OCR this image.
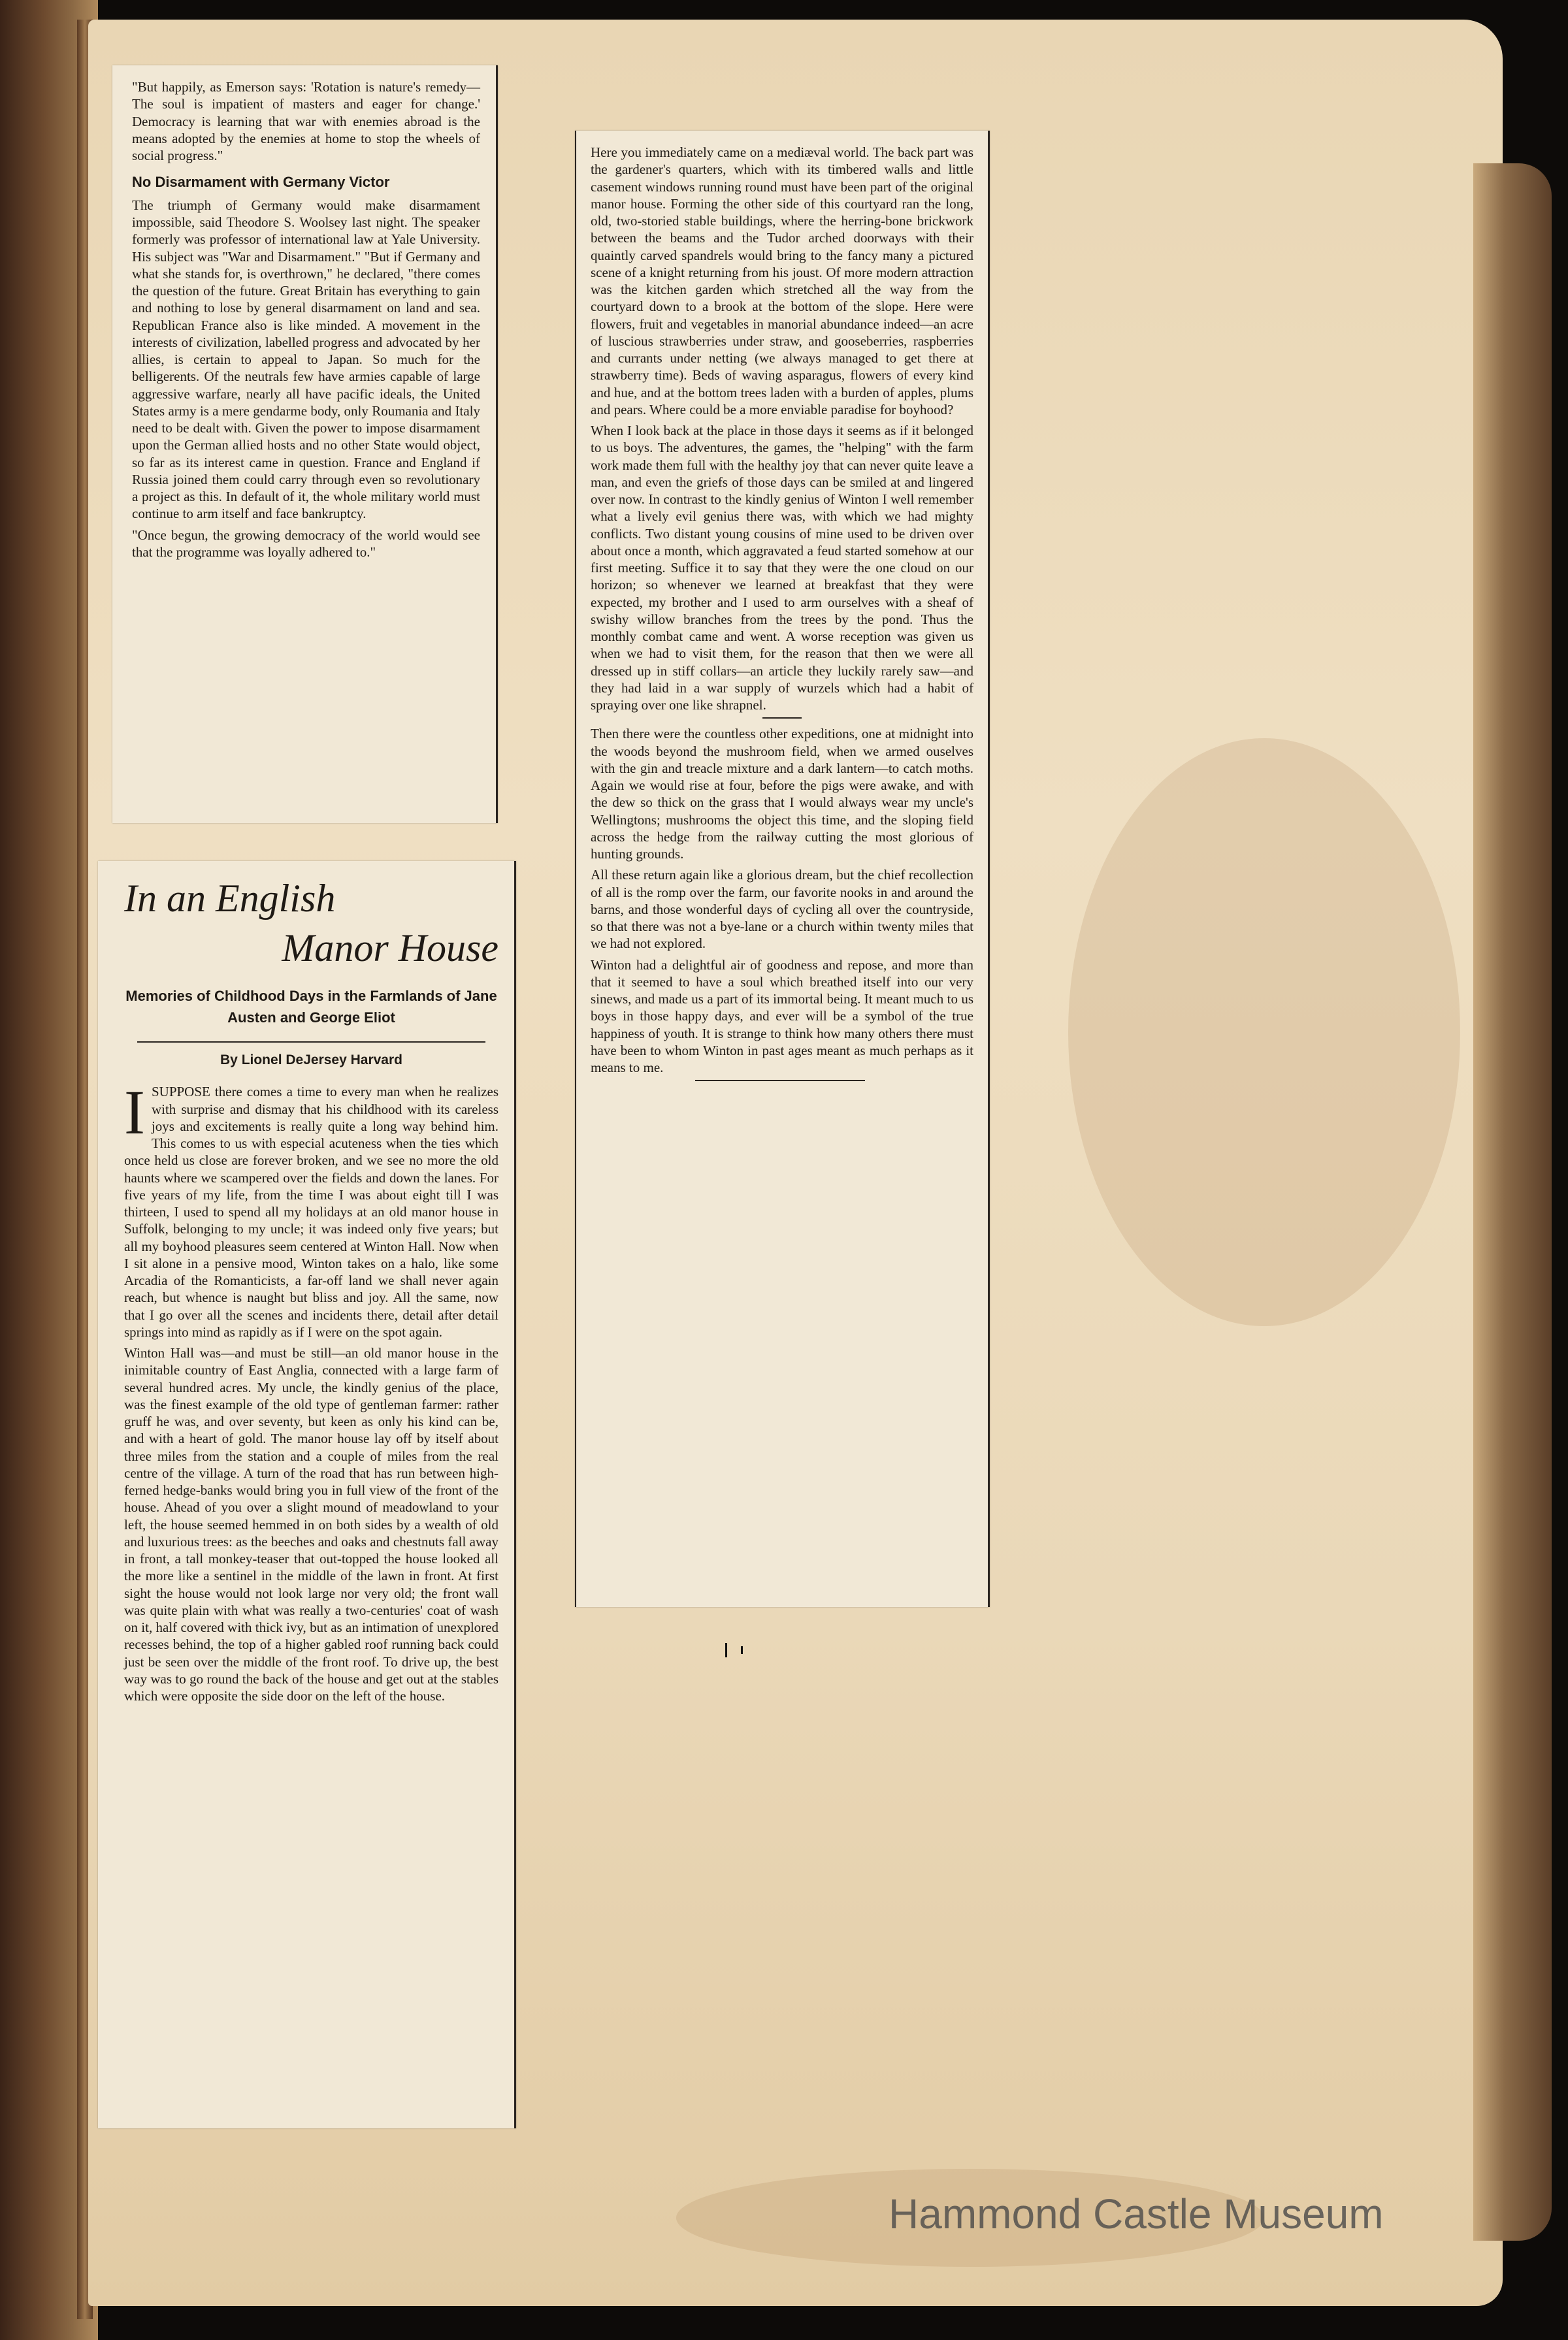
"But happily, as Emerson says: 'Rotation is nature's remedy—The soul is impatient of masters and eager for change.' Democracy is learning that war with enemies abroad is the means adopted by the enemies at home to stop the wheels of social progress."

No Disarmament with Germany Victor

The triumph of Germany would make disarmament impossible, said Theodore S. Woolsey last night. The speaker formerly was professor of international law at Yale University. His subject was "War and Disarmament." "But if Germany and what she stands for, is overthrown," he declared, "there comes the question of the future. Great Britain has everything to gain and nothing to lose by general disarmament on land and sea. Republican France also is like minded. A movement in the interests of civilization, labelled progress and advocated by her allies, is certain to appeal to Japan. So much for the belligerents. Of the neutrals few have armies capable of large aggressive warfare, nearly all have pacific ideals, the United States army is a mere gendarme body, only Roumania and Italy need to be dealt with. Given the power to impose disarmament upon the German allied hosts and no other State would object, so far as its interest came in question. France and England if Russia joined them could carry through even so revolutionary a project as this. In default of it, the whole military world must continue to arm itself and face bankruptcy.

"Once begun, the growing democracy of the world would see that the programme was loyally adhered to."

In an English
Manor House
Memories of Childhood Days in the Farmlands of Jane Austen and George Eliot
By Lionel DeJersey Harvard

ISUPPOSE there comes a time to every man when he realizes with surprise and dismay that his childhood with its careless joys and excitements is really quite a long way behind him. This comes to us with especial acuteness when the ties which once held us close are forever broken, and we see no more the old haunts where we scampered over the fields and down the lanes. For five years of my life, from the time I was about eight till I was thirteen, I used to spend all my holidays at an old manor house in Suffolk, belonging to my uncle; it was indeed only five years; but all my boyhood pleasures seem centered at Winton Hall. Now when I sit alone in a pensive mood, Winton takes on a halo, like some Arcadia of the Romanticists, a far-off land we shall never again reach, but whence is naught but bliss and joy. All the same, now that I go over all the scenes and incidents there, detail after detail springs into mind as rapidly as if I were on the spot again.

Winton Hall was—and must be still—an old manor house in the inimitable country of East Anglia, connected with a large farm of several hundred acres. My uncle, the kindly genius of the place, was the finest example of the old type of gentleman farmer: rather gruff he was, and over seventy, but keen as only his kind can be, and with a heart of gold. The manor house lay off by itself about three miles from the station and a couple of miles from the real centre of the village. A turn of the road that has run between high-ferned hedge-banks would bring you in full view of the front of the house. Ahead of you over a slight mound of meadowland to your left, the house seemed hemmed in on both sides by a wealth of old and luxurious trees: as the beeches and oaks and chestnuts fall away in front, a tall monkey-teaser that out-topped the house looked all the more like a sentinel in the middle of the lawn in front. At first sight the house would not look large nor very old; the front wall was quite plain with what was really a two-centuries' coat of wash on it, half covered with thick ivy, but as an intimation of unexplored recesses behind, the top of a higher gabled roof running back could just be seen over the middle of the front roof. To drive up, the best way was to go round the back of the house and get out at the stables which were opposite the side door on the left of the house.

Here you immediately came on a mediæval world. The back part was the gardener's quarters, which with its timbered walls and little casement windows running round must have been part of the original manor house. Forming the other side of this courtyard ran the long, old, two-storied stable buildings, where the herring-bone brickwork between the beams and the Tudor arched doorways with their quaintly carved spandrels would bring to the fancy many a pictured scene of a knight returning from his joust. Of more modern attraction was the kitchen garden which stretched all the way from the courtyard down to a brook at the bottom of the slope. Here were flowers, fruit and vegetables in manorial abundance indeed—an acre of luscious strawberries under straw, and gooseberries, raspberries and currants under netting (we always managed to get there at strawberry time). Beds of waving asparagus, flowers of every kind and hue, and at the bottom trees laden with a burden of apples, plums and pears. Where could be a more enviable paradise for boyhood?

When I look back at the place in those days it seems as if it belonged to us boys. The adventures, the games, the "helping" with the farm work made them full with the healthy joy that can never quite leave a man, and even the griefs of those days can be smiled at and lingered over now. In contrast to the kindly genius of Winton I well remember what a lively evil genius there was, with which we had mighty conflicts. Two distant young cousins of mine used to be driven over about once a month, which aggravated a feud started somehow at our first meeting. Suffice it to say that they were the one cloud on our horizon; so whenever we learned at breakfast that they were expected, my brother and I used to arm ourselves with a sheaf of swishy willow branches from the trees by the pond. Thus the monthly combat came and went. A worse reception was given us when we had to visit them, for the reason that then we were all dressed up in stiff collars—an article they luckily rarely saw—and they had laid in a war supply of wurzels which had a habit of spraying over one like shrapnel.

Then there were the countless other expeditions, one at midnight into the woods beyond the mushroom field, when we armed ouselves with the gin and treacle mixture and a dark lantern—to catch moths. Again we would rise at four, before the pigs were awake, and with the dew so thick on the grass that I would always wear my uncle's Wellingtons; mushrooms the object this time, and the sloping field across the hedge from the railway cutting the most glorious of hunting grounds.

All these return again like a glorious dream, but the chief recollection of all is the romp over the farm, our favorite nooks in and around the barns, and those wonderful days of cycling all over the countryside, so that there was not a bye-lane or a church within twenty miles that we had not explored.

Winton had a delightful air of goodness and repose, and more than that it seemed to have a soul which breathed itself into our very sinews, and made us a part of its immortal being. It meant much to us boys in those happy days, and ever will be a symbol of the true happiness of youth. It is strange to think how many others there must have been to whom Winton in past ages meant as much perhaps as it means to me.

Hammond Castle Museum
